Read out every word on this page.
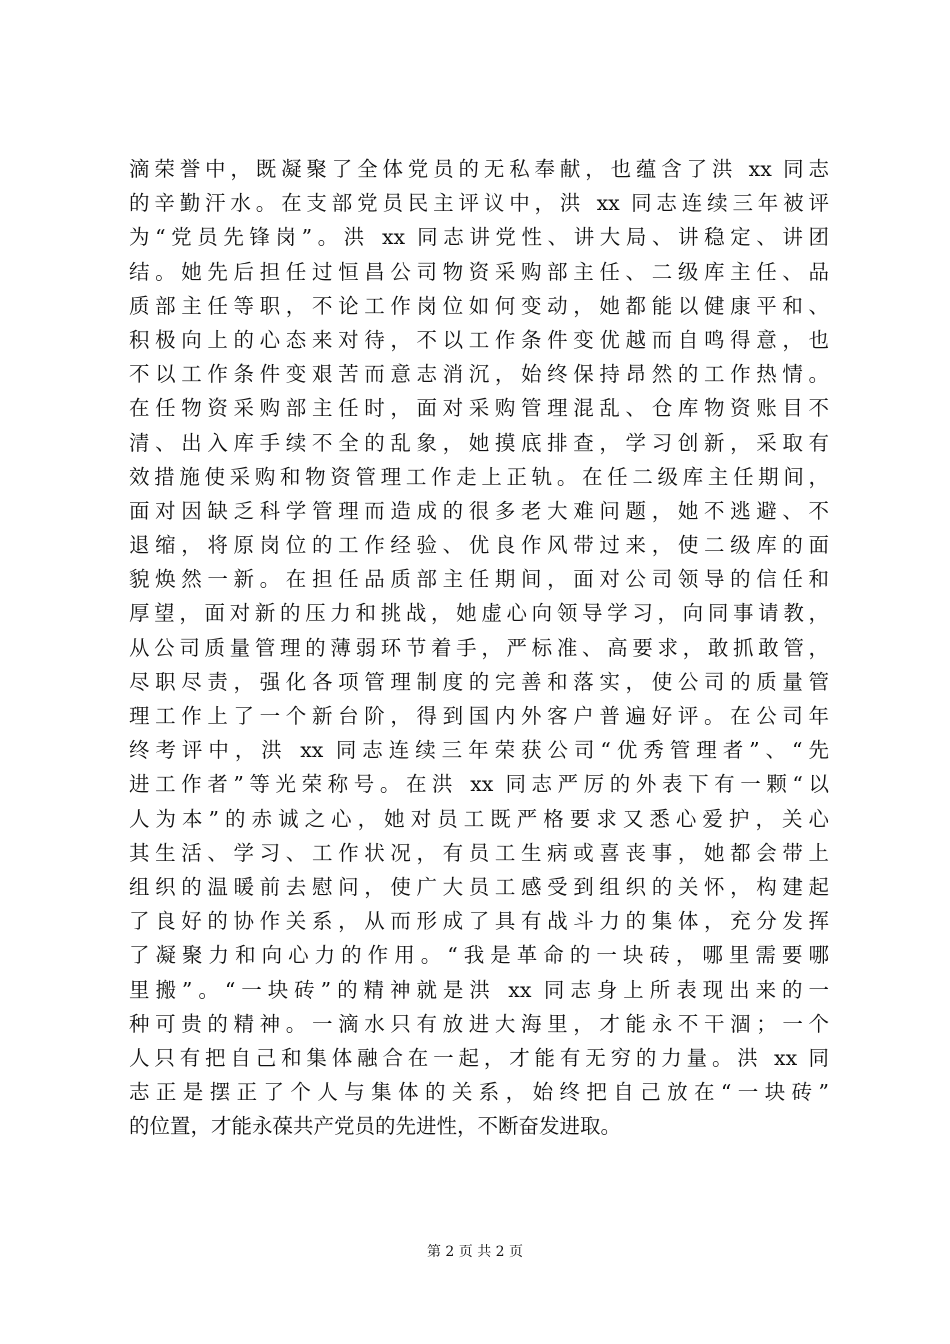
滴荣誉中，既凝聚了全体党员的无私奉献，也蕴含了洪 xx 同志
的辛勤汗水。在支部党员民主评议中，洪 xx 同志连续三年被评
为“党员先锋岗”。洪 xx 同志讲党性、讲大局、讲稳定、讲团
结。她先后担任过恒昌公司物资采购部主任、二级库主任、品
质部主任等职，不论工作岗位如何变动，她都能以健康平和、
积极向上的心态来对待，不以工作条件变优越而自鸣得意，也
不以工作条件变艰苦而意志消沉，始终保持昂然的工作热情。
在任物资采购部主任时，面对采购管理混乱、仓库物资账目不
清、出入库手续不全的乱象，她摸底排查，学习创新，采取有
效措施使采购和物资管理工作走上正轨。在任二级库主任期间，
面对因缺乏科学管理而造成的很多老大难问题，她不逃避、不
退缩，将原岗位的工作经验、优良作风带过来，使二级库的面
貌焕然一新。在担任品质部主任期间，面对公司领导的信任和
厚望，面对新的压力和挑战，她虚心向领导学习，向同事请教，
从公司质量管理的薄弱环节着手，严标准、高要求，敢抓敢管，
尽职尽责，强化各项管理制度的完善和落实，使公司的质量管
理工作上了一个新台阶，得到国内外客户普遍好评。在公司年
终考评中，洪 xx 同志连续三年荣获公司“优秀管理者”、“先
进工作者”等光荣称号。在洪 xx 同志严厉的外表下有一颗“以
人为本”的赤诚之心，她对员工既严格要求又悉心爱护，关心
其生活、学习、工作状况，有员工生病或喜丧事，她都会带上
组织的温暖前去慰问，使广大员工感受到组织的关怀，构建起
了良好的协作关系，从而形成了具有战斗力的集体，充分发挥
了凝聚力和向心力的作用。“我是革命的一块砖，哪里需要哪
里搬”。“一块砖”的精神就是洪 xx 同志身上所表现出来的一
种可贵的精神。一滴水只有放进大海里，才能永不干涸；一个
人只有把自己和集体融合在一起，才能有无穷的力量。洪 xx 同
志正是摆正了个人与集体的关系，始终把自己放在“一块砖”
的位置，才能永葆共产党员的先进性，不断奋发进取。
第 2 页 共 2 页
